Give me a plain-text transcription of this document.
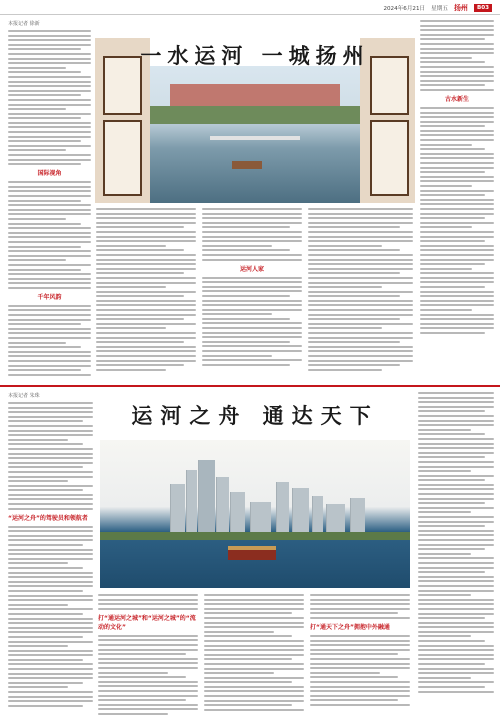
2024年6月21日 星期五 扬州	B03
本报记者 徐新
国际视角
千年风韵
一水运河 一城扬州
运河人家
古水新生
本报记者 朱珠
“运河之舟”的驾驶员和领航者
运河之舟 通达天下
打“通运河之城”和“运河之城”的“流动的文化”	打“通天下之舟”拥抱中外融通
